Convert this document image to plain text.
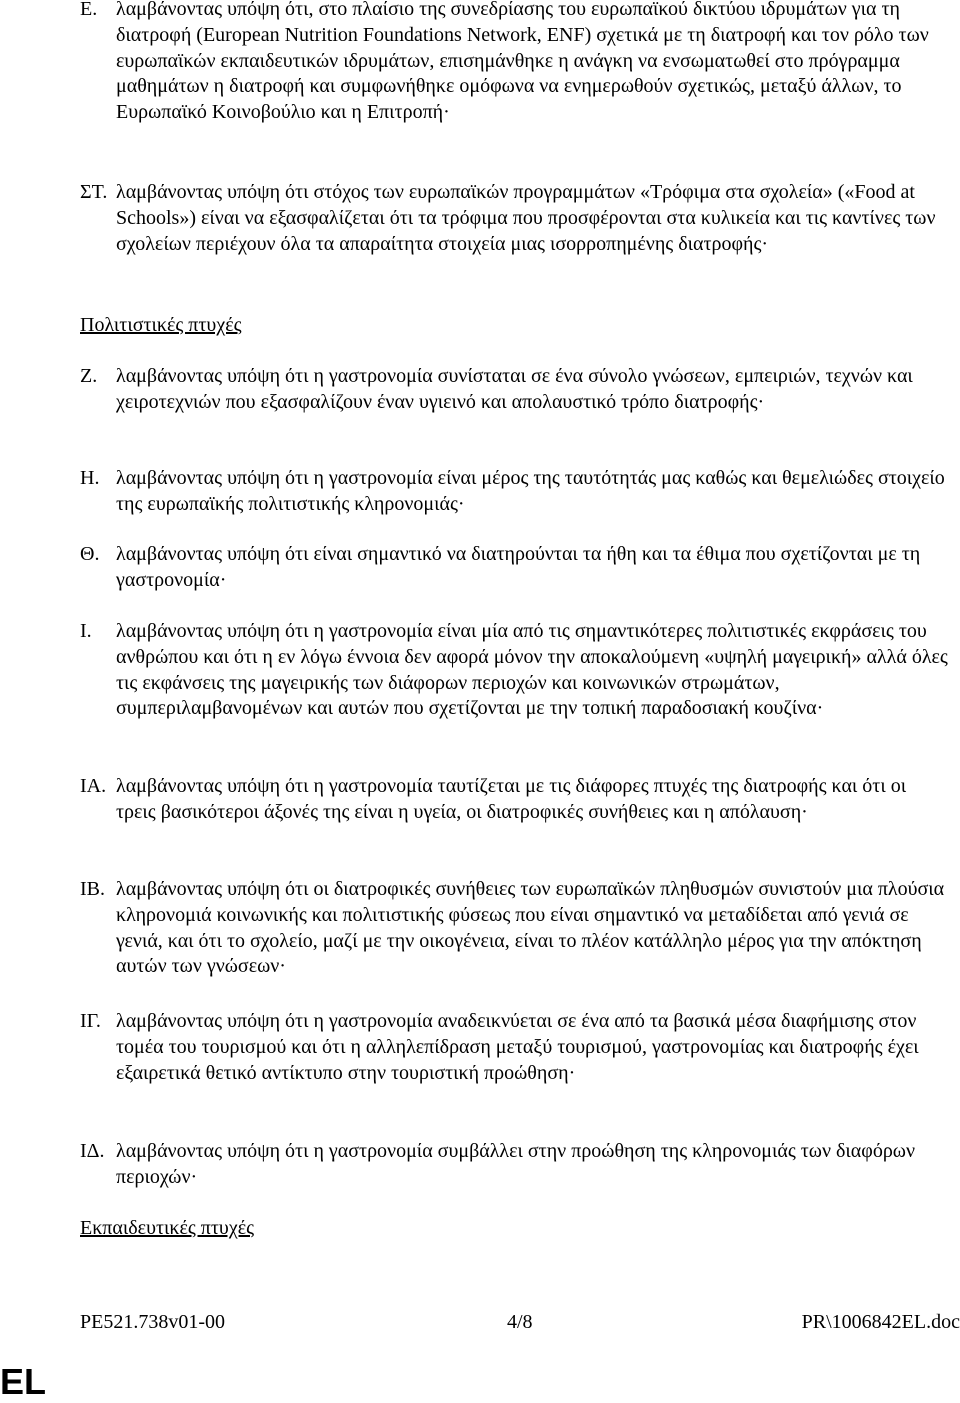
E. λαμβάνοντας υπόψη ότι, στο πλαίσιο της συνεδρίασης του ευρωπαϊκού δικτύου ιδρυμάτων για τη διατροφή (European Nutrition Foundations Network, ENF) σχετικά με τη διατροφή και τον ρόλο των ευρωπαϊκών εκπαιδευτικών ιδρυμάτων, επισημάνθηκε η ανάγκη να ενσωματωθεί στο πρόγραμμα μαθημάτων η διατροφή και συμφωνήθηκε ομόφωνα να ενημερωθούν σχετικώς, μεταξύ άλλων, το Ευρωπαϊκό Κοινοβούλιο και η Επιτροπή·
ΣΤ. λαμβάνοντας υπόψη ότι στόχος των ευρωπαϊκών προγραμμάτων «Τρόφιμα στα σχολεία» («Food at Schools») είναι να εξασφαλίζεται ότι τα τρόφιμα που προσφέρονται στα κυλικεία και τις καντίνες των σχολείων περιέχουν όλα τα απαραίτητα στοιχεία μιας ισορροπημένης διατροφής·
Πολιτιστικές πτυχές
Ζ. λαμβάνοντας υπόψη ότι η γαστρονομία συνίσταται σε ένα σύνολο γνώσεων, εμπειριών, τεχνών και χειροτεχνιών που εξασφαλίζουν έναν υγιεινό και απολαυστικό τρόπο διατροφής·
Η. λαμβάνοντας υπόψη ότι η γαστρονομία είναι μέρος της ταυτότητάς μας καθώς και θεμελιώδες στοιχείο της ευρωπαϊκής πολιτιστικής κληρονομιάς·
Θ. λαμβάνοντας υπόψη ότι είναι σημαντικό να διατηρούνται τα ήθη και τα έθιμα που σχετίζονται με τη γαστρονομία·
Ι. λαμβάνοντας υπόψη ότι η γαστρονομία είναι μία από τις σημαντικότερες πολιτιστικές εκφράσεις του ανθρώπου και ότι η εν λόγω έννοια δεν αφορά μόνον την αποκαλούμενη «υψηλή μαγειρική» αλλά όλες τις εκφάνσεις της μαγειρικής των διάφορων περιοχών και κοινωνικών στρωμάτων, συμπεριλαμβανομένων και αυτών που σχετίζονται με την τοπική παραδοσιακή κουζίνα·
ΙΑ. λαμβάνοντας υπόψη ότι η γαστρονομία ταυτίζεται με τις διάφορες πτυχές της διατροφής και ότι οι τρεις βασικότεροι άξονές της είναι η υγεία, οι διατροφικές συνήθειες και η απόλαυση·
ΙΒ. λαμβάνοντας υπόψη ότι οι διατροφικές συνήθειες των ευρωπαϊκών πληθυσμών συνιστούν μια πλούσια κληρονομιά κοινωνικής και πολιτιστικής φύσεως που είναι σημαντικό να μεταδίδεται από γενιά σε γενιά, και ότι το σχολείο, μαζί με την οικογένεια, είναι το πλέον κατάλληλο μέρος για την απόκτηση αυτών των γνώσεων·
ΙΓ. λαμβάνοντας υπόψη ότι η γαστρονομία αναδεικνύεται σε ένα από τα βασικά μέσα διαφήμισης στον τομέα του τουρισμού και ότι η αλληλεπίδραση μεταξύ τουρισμού, γαστρονομίας και διατροφής έχει εξαιρετικά θετικό αντίκτυπο στην τουριστική προώθηση·
ΙΔ. λαμβάνοντας υπόψη ότι η γαστρονομία συμβάλλει στην προώθηση της κληρονομιάς των διαφόρων περιοχών·
Εκπαιδευτικές πτυχές
PE521.738v01-00	4/8	PR\1006842EL.doc
EL
